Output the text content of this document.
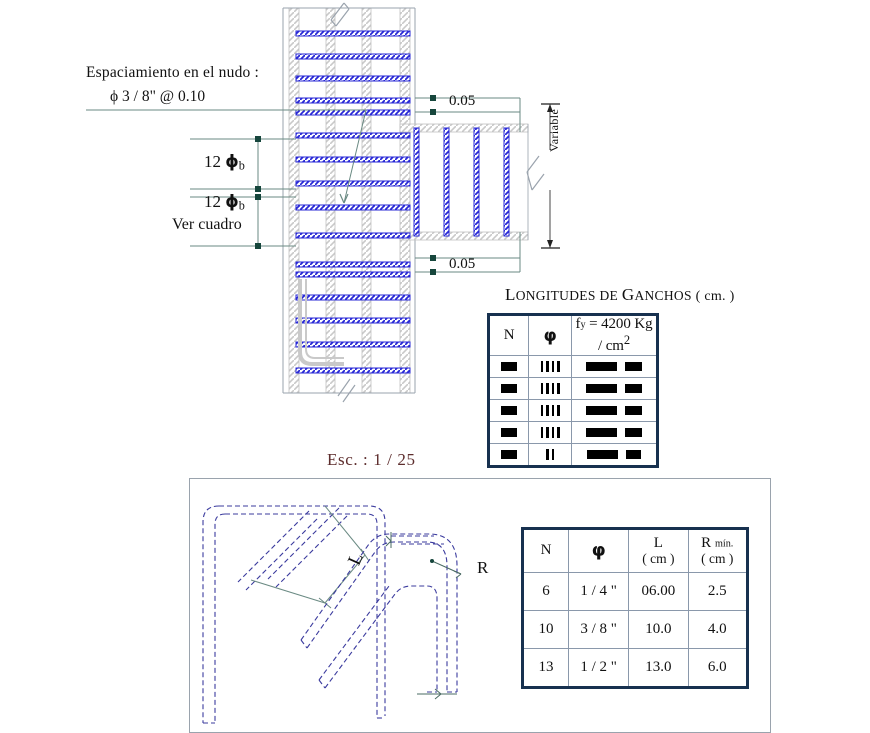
Espaciamiento en el nudo :
ϕ 3 / 8" @ 0.10
12 $\phi_b$
12 $\phi_b$
Ver cuadro
0.05
0.05
Variable
Esc. : 1 / 25
LONGITUDES DE GANCHOS ( cm. )
N	φ	fy = 4200 Kg / $cm^2$

L	R
N	φ	L
( cm )

R mín.
( cm )

6	1 / 4 "	06.00	2.5
10	3 / 8 "	10.0	4.0
13	1 / 2 "	13.0	6.0
